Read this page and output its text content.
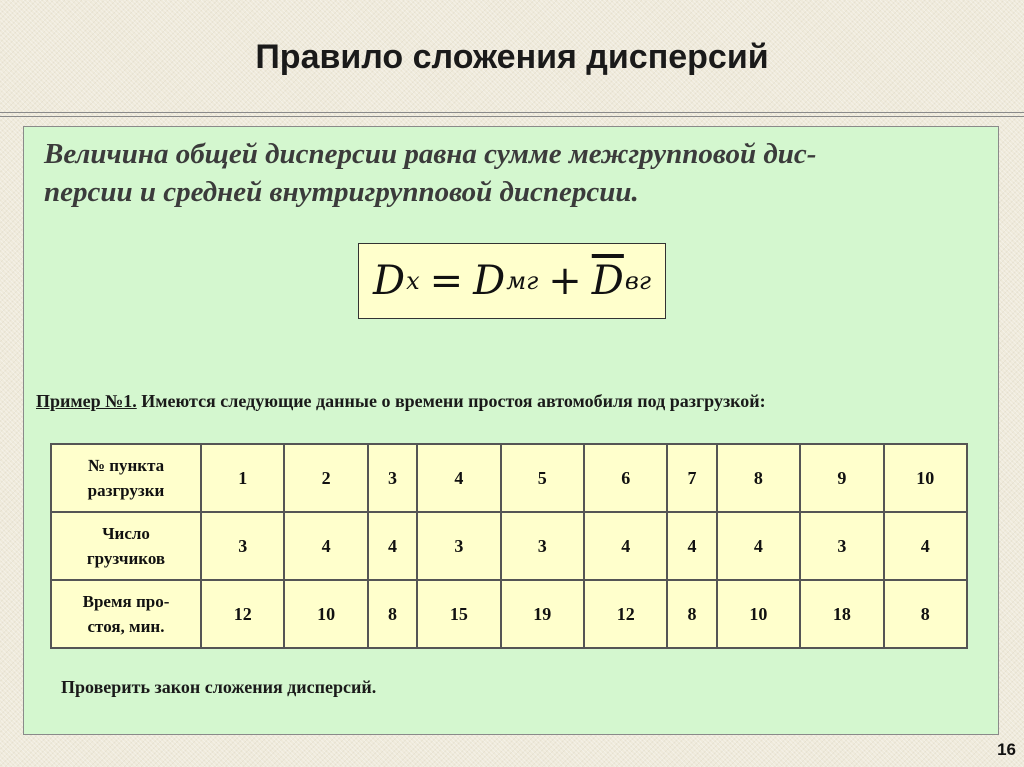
Правило сложения дисперсий

Величина общей дисперсии равна сумме межгрупповой дис-
персии и средней внутригрупповой дисперсии.

D x = D мг + $\overline{D}$ вг

Пример №1. Имеются следующие данные о времени простоя автомобиля под разгрузкой:

№ пункта
разгрузки	1	2	3	4	5	6	7	8	9	10
Число
грузчиков	3	4	4	3	3	4	4	4	3	4
Время про-
стоя, мин.	12	10	8	15	19	12	8	10	18	8

Проверить закон сложения дисперсий.

16
